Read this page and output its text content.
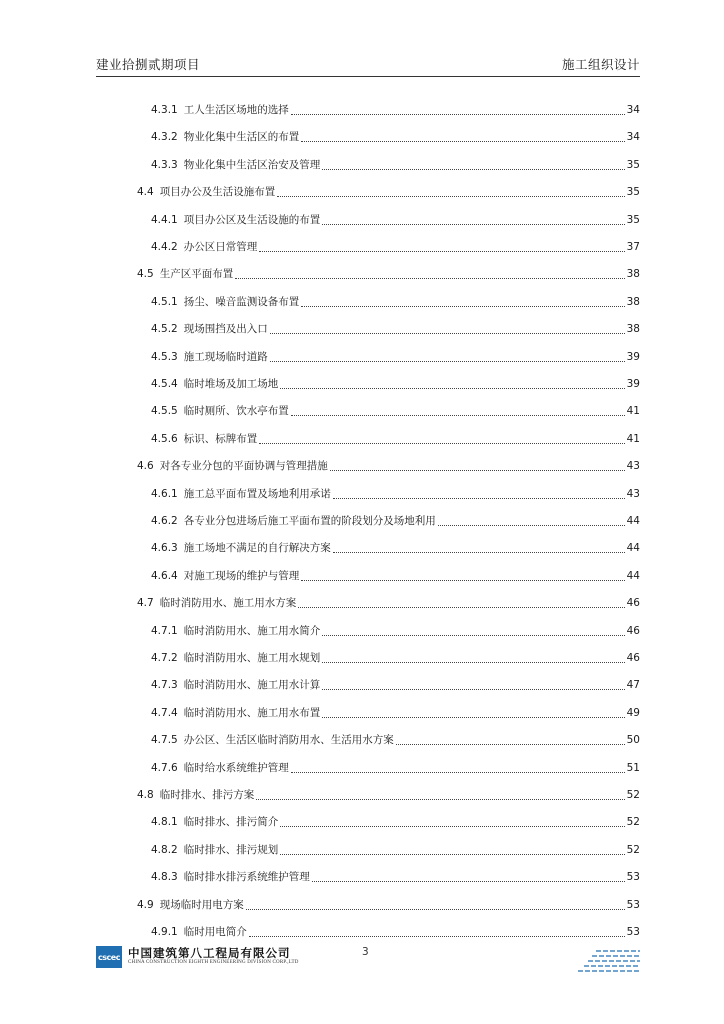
建业拾捌贰期项目	施工组织设计
4.3.1 工人生活区场地的选择	34
4.3.2 物业化集中生活区的布置	34
4.3.3 物业化集中生活区治安及管理	35
4.4 项目办公及生活设施布置	35
4.4.1 项目办公区及生活设施的布置	35
4.4.2 办公区日常管理	37
4.5 生产区平面布置	38
4.5.1 扬尘、噪音监测设备布置	38
4.5.2 现场围挡及出入口	38
4.5.3 施工现场临时道路	39
4.5.4 临时堆场及加工场地	39
4.5.5 临时厕所、饮水亭布置	41
4.5.6 标识、标牌布置	41
4.6 对各专业分包的平面协调与管理措施	43
4.6.1 施工总平面布置及场地利用承诺	43
4.6.2 各专业分包进场后施工平面布置的阶段划分及场地利用	44
4.6.3 施工场地不满足的自行解决方案	44
4.6.4 对施工现场的维护与管理	44
4.7 临时消防用水、施工用水方案	46
4.7.1 临时消防用水、施工用水简介	46
4.7.2 临时消防用水、施工用水规划	46
4.7.3 临时消防用水、施工用水计算	47
4.7.4 临时消防用水、施工用水布置	49
4.7.5 办公区、生活区临时消防用水、生活用水方案	50
4.7.6 临时给水系统维护管理	51
4.8 临时排水、排污方案	52
4.8.1 临时排水、排污简介	52
4.8.2 临时排水、排污规划	52
4.8.3 临时排水排污系统维护管理	53
4.9 现场临时用电方案	53
4.9.1 临时用电简介	53
cscec 中国建筑第八工程局有限公司
CHINA CONSTRUCTION EIGHTH ENGINEERING DIVISION CORP.,LTD
3
